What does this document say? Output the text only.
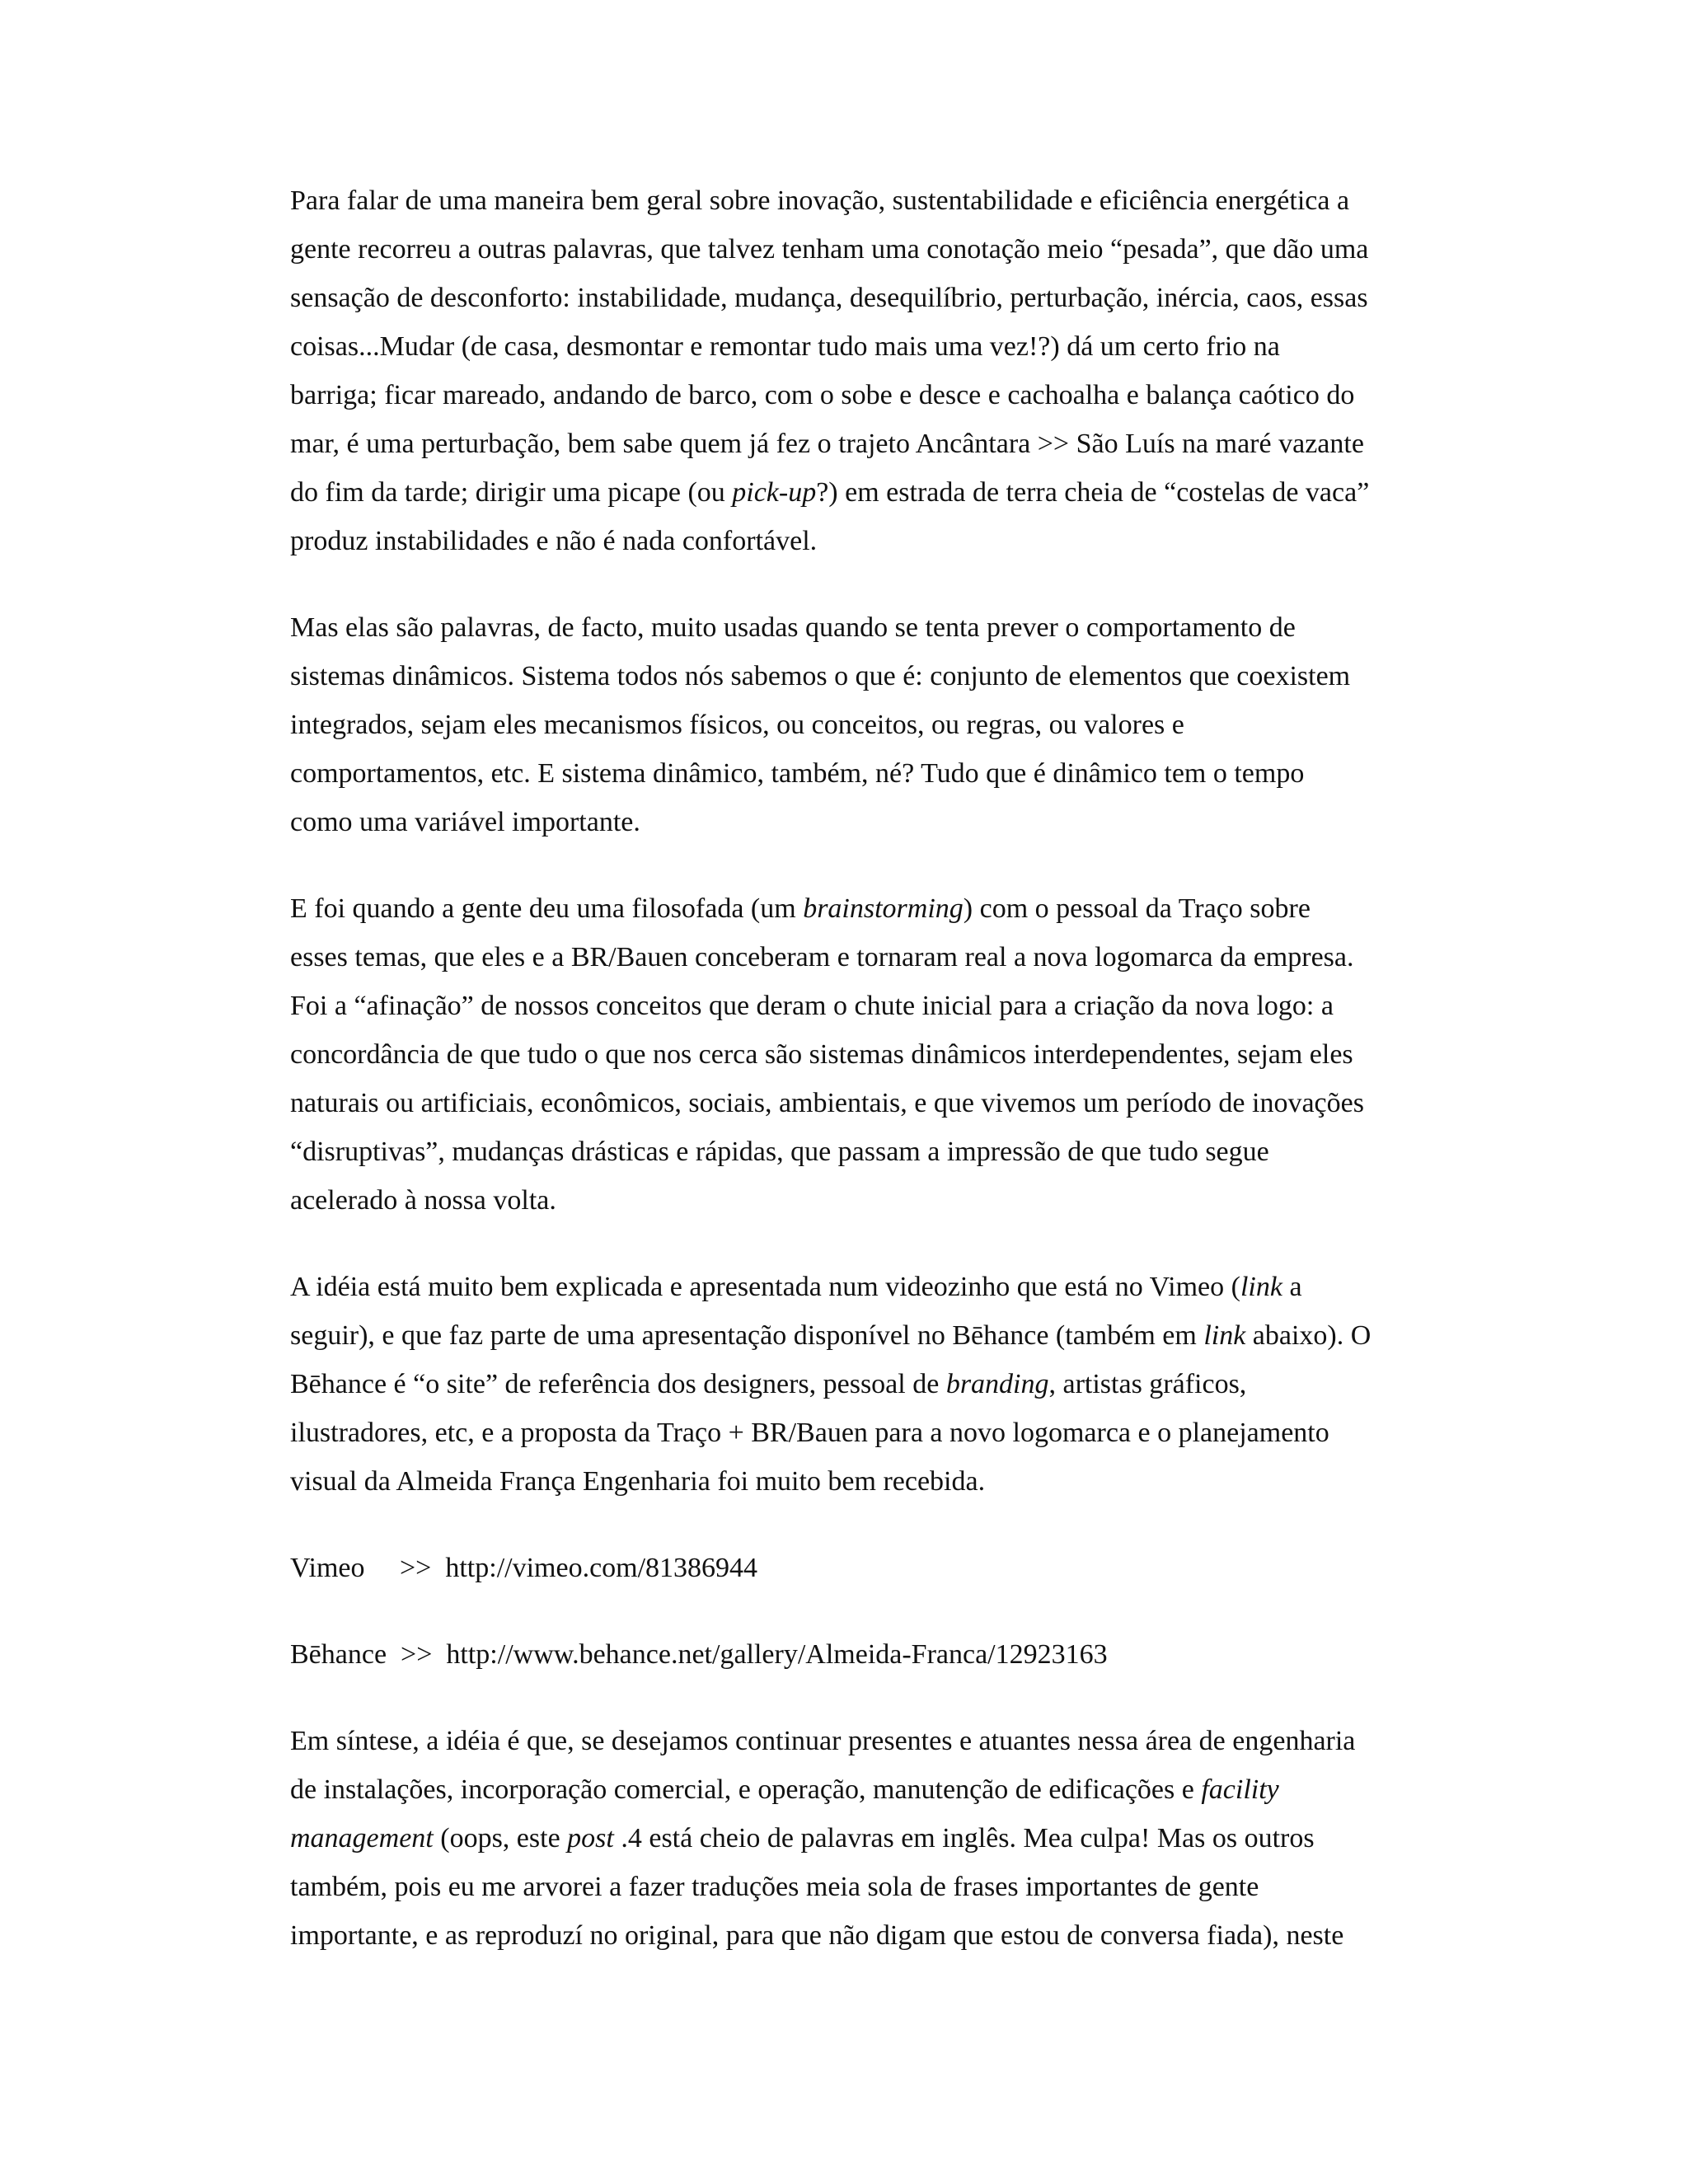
Para falar de uma maneira bem geral sobre inovação, sustentabilidade e eficiência energética a
gente recorreu a outras palavras, que talvez tenham uma conotação meio “pesada”, que dão uma
sensação de desconforto: instabilidade, mudança, desequilíbrio, perturbação, inércia, caos, essas
coisas...Mudar (de casa, desmontar e remontar tudo mais uma vez!?) dá um certo frio na
barriga; ficar mareado, andando de barco, com o sobe e desce e cachoalha e balança caótico do
mar, é uma perturbação, bem sabe quem já fez o trajeto Ancântara >> São Luís na maré vazante
do fim da tarde; dirigir uma picape (ou pick-up?) em estrada de terra cheia de “costelas de vaca”
produz instabilidades e não é nada confortável.

Mas elas são palavras, de facto, muito usadas quando se tenta prever o comportamento de
sistemas dinâmicos. Sistema todos nós sabemos o que é: conjunto de elementos que coexistem
integrados, sejam eles mecanismos físicos, ou conceitos, ou regras, ou valores e
comportamentos, etc. E sistema dinâmico, também, né? Tudo que é dinâmico tem o tempo
como uma variável importante.

E foi quando a gente deu uma filosofada (um brainstorming) com o pessoal da Traço sobre
esses temas, que eles e a BR/Bauen conceberam e tornaram real a nova logomarca da empresa.
Foi a “afinação” de nossos conceitos que deram o chute inicial para a criação da nova logo: a
concordância de que tudo o que nos cerca são sistemas dinâmicos interdependentes, sejam eles
naturais ou artificiais, econômicos, sociais, ambientais, e que vivemos um período de inovações
“disruptivas”, mudanças drásticas e rápidas, que passam a impressão de que tudo segue
acelerado à nossa volta.

A idéia está muito bem explicada e apresentada num videozinho que está no Vimeo (link a
seguir), e que faz parte de uma apresentação disponível no Bēhance (também em link abaixo). O
Bēhance é “o site” de referência dos designers, pessoal de branding, artistas gráficos,
ilustradores, etc, e a proposta da Traço + BR/Bauen para a novo logomarca e o planejamento
visual da Almeida França Engenharia foi muito bem recebida.

Vimeo >> http://vimeo.com/81386944

Bēhance >> http://www.behance.net/gallery/Almeida-Franca/12923163

Em síntese, a idéia é que, se desejamos continuar presentes e atuantes nessa área de engenharia
de instalações, incorporação comercial, e operação, manutenção de edificações e facility
management (oops, este post .4 está cheio de palavras em inglês. Mea culpa! Mas os outros
também, pois eu me arvorei a fazer traduções meia sola de frases importantes de gente
importante, e as reproduzí no original, para que não digam que estou de conversa fiada), neste
